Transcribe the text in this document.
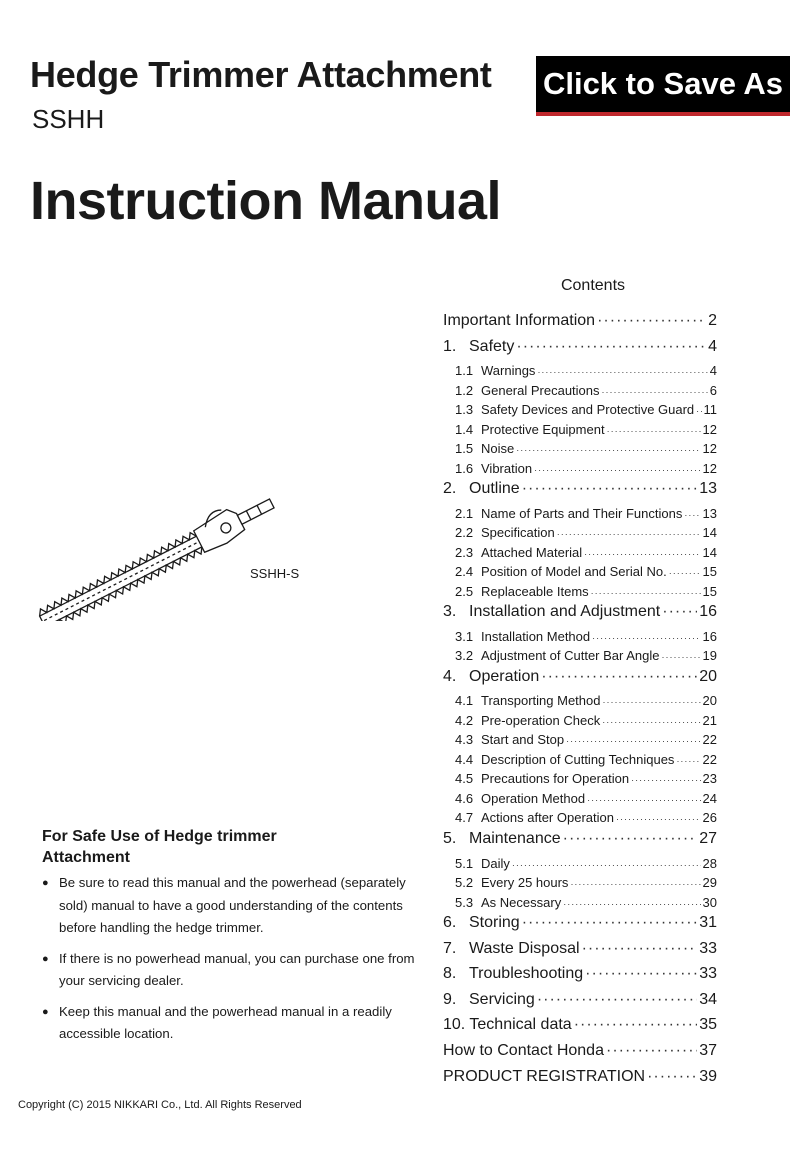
Hedge Trimmer Attachment
SSHH
Click to Save As
Instruction Manual
Contents
Important Information ·····	2
1. Safety ·····	4
1.1 Warnings ·····	4
1.2 General Precautions ·····	6
1.3 Safety Devices and Protective Guard ····· 11
1.4 Protective Equipment ·····	12
1.5 Noise ·····	12
1.6 Vibration ·····	12
2. Outline ·····	13
2.1 Name of Parts and Their Functions ····· 13
2.2 Specification ·····	14
2.3 Attached Material ·····	14
2.4 Position of Model and Serial No. ·····	15
2.5 Replaceable Items ·····	15
3. Installation and Adjustment ····· 16
3.1 Installation Method ·····	16
3.2 Adjustment of Cutter Bar Angle ·····	19
4. Operation ·····	20
4.1 Transporting Method ·····	20
4.2 Pre-operation Check ·····	21
4.3 Start and Stop ·····	22
4.4 Description of Cutting Techniques ····· 22
4.5 Precautions for Operation ·····	23
4.6 Operation Method ·····	24
4.7 Actions after Operation ·····	26
5. Maintenance ·····	27
5.1 Daily ·····	28
5.2 Every 25 hours ·····	29
5.3 As Necessary ·····	30
6. Storing ·····	31
7. Waste Disposal ·····	33
8. Troubleshooting ·····	33
9. Servicing ·····	34
10. Technical data ·····	35
How to Contact Honda ·····	37
PRODUCT REGISTRATION ·····	39
SSHH-S
For Safe Use of Hedge trimmer Attachment
● Be sure to read this manual and the powerhead (separately sold) manual to have a good understanding of the contents before handling the hedge trimmer.
● If there is no powerhead manual, you can purchase one from your servicing dealer.
● Keep this manual and the powerhead manual in a readily accessible location.
Copyright (C) 2015 NIKKARI Co., Ltd. All Rights Reserved
